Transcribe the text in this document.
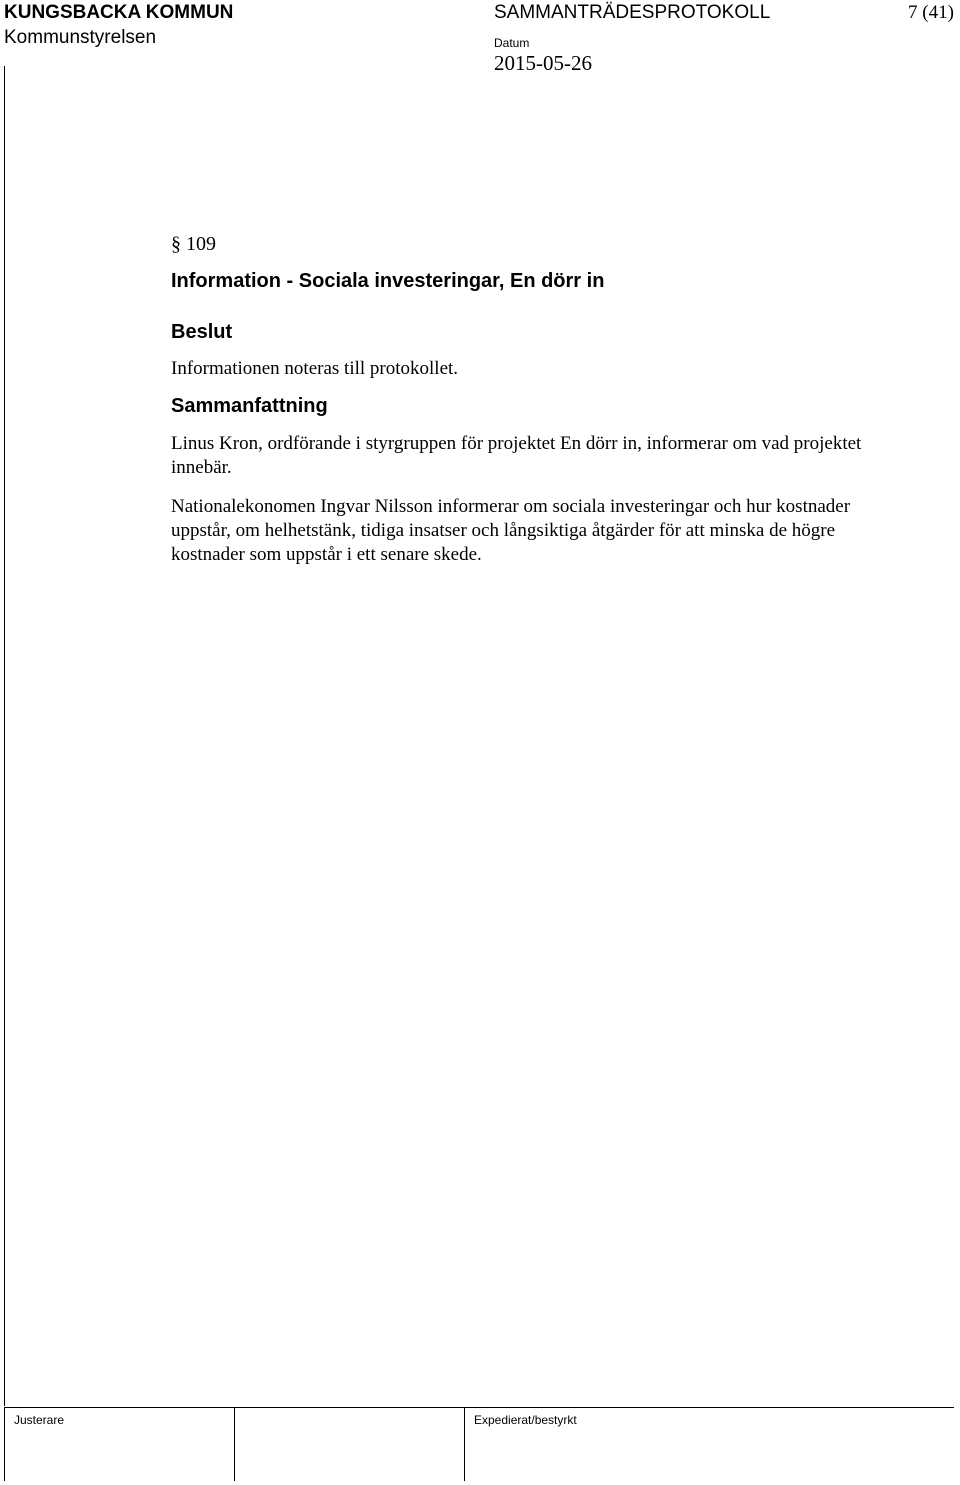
KUNGSBACKA KOMMUN
Kommunstyrelsen
SAMMANTRÄDESPROTOKOLL	7 (41)
Datum
2015-05-26
§ 109
Information - Sociala investeringar, En dörr in
Beslut
Informationen noteras till protokollet.
Sammanfattning
Linus Kron, ordförande i styrgruppen för projektet En dörr in, informerar om vad projektet innebär.
Nationalekonomen Ingvar Nilsson informerar om sociala investeringar och hur kostnader uppstår, om helhetstänk, tidiga insatser och långsiktiga åtgärder för att minska de högre kostnader som uppstår i ett senare skede.
Justerare	Expedierat/bestyrkt
